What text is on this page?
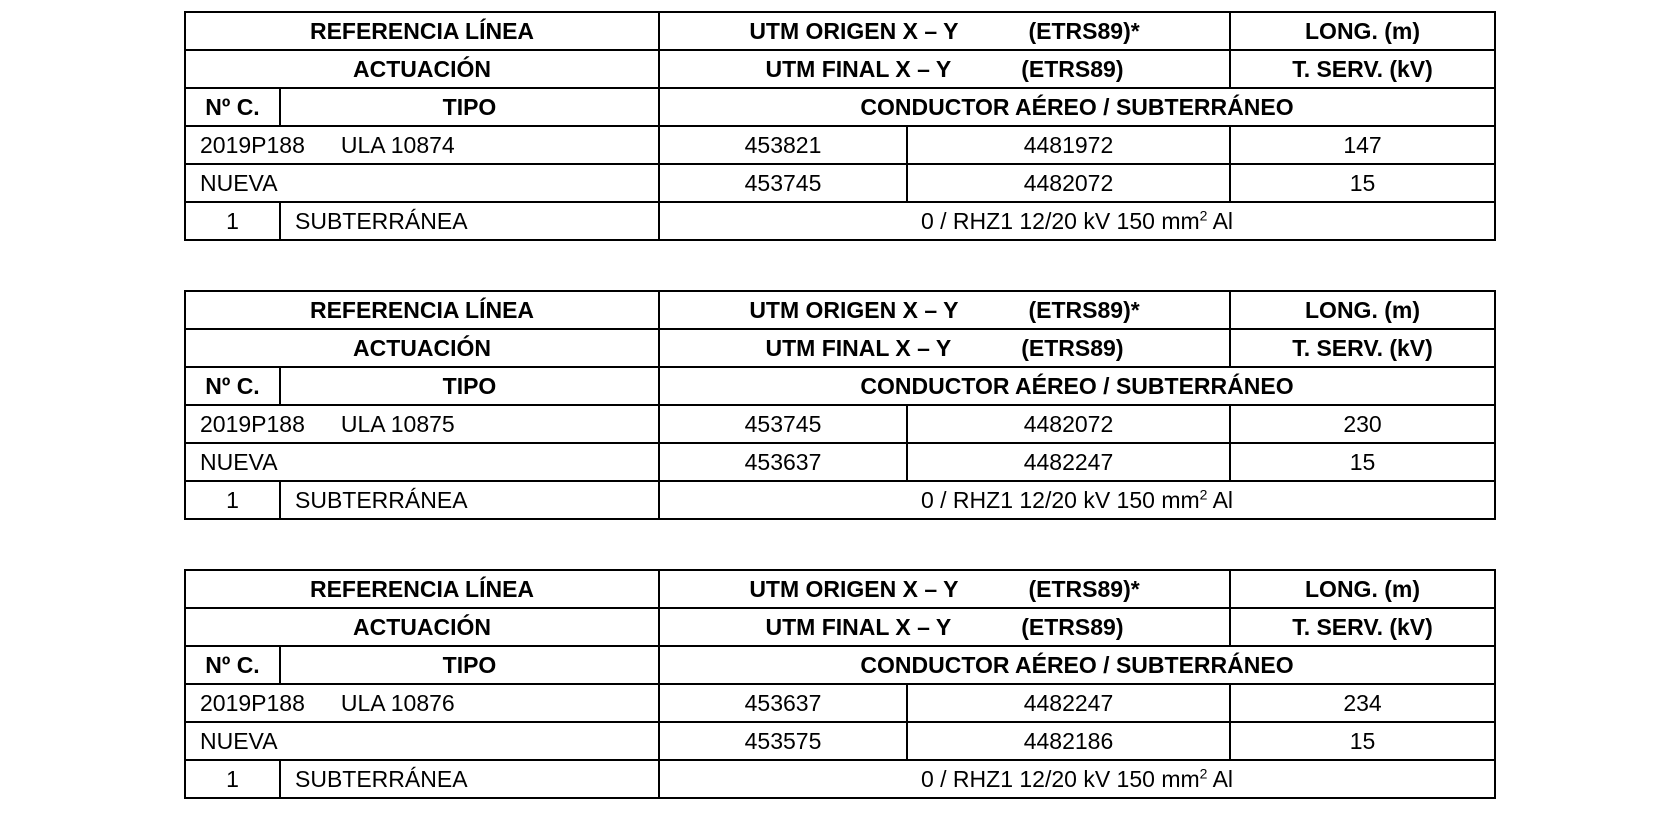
REFERENCIA LÍNEA		UTM ORIGEN X – Y (ETRS89)*		LONG. (m)
ACTUACIÓN		UTM FINAL X – Y (ETRS89)		T. SERV. (kV)
Nº C.	TIPO	CONDUCTOR AÉREO / SUBTERRÁNEO		

2019P188 ULA 10874		453821	4481972	147
NUEVA		453745	4482072	15
1	SUBTERRÁNEA	0 / RHZ1 12/20 kV 150 $mm^2$ Al		
REFERENCIA LÍNEA		UTM ORIGEN X – Y (ETRS89)*		LONG. (m)
ACTUACIÓN		UTM FINAL X – Y (ETRS89)		T. SERV. (kV)
Nº C.	TIPO	CONDUCTOR AÉREO / SUBTERRÁNEO		

2019P188 ULA 10875		453745	4482072	230
NUEVA		453637	4482247	15
1	SUBTERRÁNEA	0 / RHZ1 12/20 kV 150 $mm^2$ Al		
REFERENCIA LÍNEA		UTM ORIGEN X – Y (ETRS89)*		LONG. (m)
ACTUACIÓN		UTM FINAL X – Y (ETRS89)		T. SERV. (kV)
Nº C.	TIPO	CONDUCTOR AÉREO / SUBTERRÁNEO		

2019P188 ULA 10876		453637	4482247	234
NUEVA		453575	4482186	15
1	SUBTERRÁNEA	0 / RHZ1 12/20 kV 150 $mm^2$ Al		
